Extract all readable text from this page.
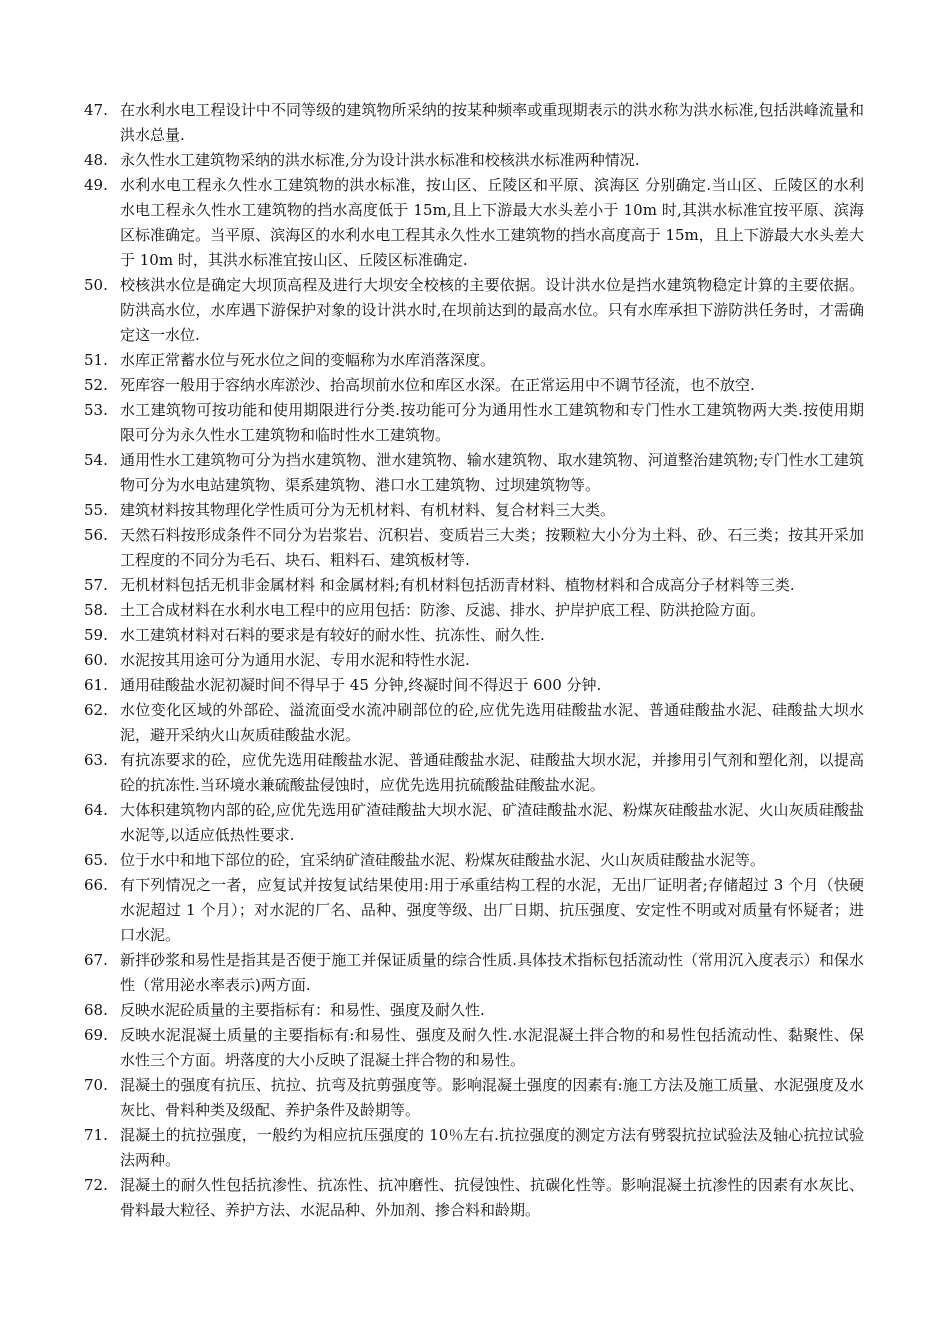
47. 在水利水电工程设计中不同等级的建筑物所采纳的按某种频率或重现期表示的洪水称为洪水标准,包括洪峰流量和洪水总量.
48. 永久性水工建筑物采纳的洪水标准,分为设计洪水标准和校核洪水标准两种情况.
49. 水利水电工程永久性水工建筑物的洪水标准，按山区、丘陵区和平原、滨海区 分别确定.当山区、丘陵区的水利水电工程永久性水工建筑物的挡水高度低于 15m,且上下游最大水头差小于 10m 时,其洪水标准宜按平原、滨海区标准确定。当平原、滨海区的水利水电工程其永久性水工建筑物的挡水高度高于 15m，且上下游最大水头差大于 10m 时，其洪水标准宜按山区、丘陵区标准确定.
50. 校核洪水位是确定大坝顶高程及进行大坝安全校核的主要依据。设计洪水位是挡水建筑物稳定计算的主要依据。防洪高水位，水库遇下游保护对象的设计洪水时,在坝前达到的最高水位。只有水库承担下游防洪任务时，才需确定这一水位.
51. 水库正常蓄水位与死水位之间的变幅称为水库消落深度。
52. 死库容一般用于容纳水库淤沙、抬高坝前水位和库区水深。在正常运用中不调节径流，也不放空.
53. 水工建筑物可按功能和使用期限进行分类.按功能可分为通用性水工建筑物和专门性水工建筑物两大类.按使用期限可分为永久性水工建筑物和临时性水工建筑物。
54. 通用性水工建筑物可分为挡水建筑物、泄水建筑物、输水建筑物、取水建筑物、河道整治建筑物;专门性水工建筑物可分为水电站建筑物、渠系建筑物、港口水工建筑物、过坝建筑物等。
55. 建筑材料按其物理化学性质可分为无机材料、有机材料、复合材料三大类。
56. 天然石料按形成条件不同分为岩浆岩、沉积岩、变质岩三大类；按颗粒大小分为土料、砂、石三类；按其开采加工程度的不同分为毛石、块石、粗料石、建筑板材等.
57. 无机材料包括无机非金属材料 和金属材料;有机材料包括沥青材料、植物材料和合成高分子材料等三类.
58. 土工合成材料在水利水电工程中的应用包括：防渗、反滤、排水、护岸护底工程、防洪抢险方面。
59. 水工建筑材料对石料的要求是有较好的耐水性、抗冻性、耐久性.
60. 水泥按其用途可分为通用水泥、专用水泥和特性水泥.
61. 通用硅酸盐水泥初凝时间不得早于 45 分钟,终凝时间不得迟于 600 分钟.
62. 水位变化区域的外部砼、溢流面受水流冲刷部位的砼,应优先选用硅酸盐水泥、普通硅酸盐水泥、硅酸盐大坝水泥，避开采纳火山灰质硅酸盐水泥。
63. 有抗冻要求的砼，应优先选用硅酸盐水泥、普通硅酸盐水泥、硅酸盐大坝水泥，并掺用引气剂和塑化剂，以提高砼的抗冻性.当环境水兼硫酸盐侵蚀时，应优先选用抗硫酸盐硅酸盐水泥。
64. 大体积建筑物内部的砼,应优先选用矿渣硅酸盐大坝水泥、矿渣硅酸盐水泥、粉煤灰硅酸盐水泥、火山灰质硅酸盐水泥等,以适应低热性要求.
65. 位于水中和地下部位的砼，宜采纳矿渣硅酸盐水泥、粉煤灰硅酸盐水泥、火山灰质硅酸盐水泥等。
66. 有下列情况之一者，应复试并按复试结果使用:用于承重结构工程的水泥，无出厂证明者;存储超过 3 个月（快硬水泥超过 1 个月）；对水泥的厂名、品种、强度等级、出厂日期、抗压强度、安定性不明或对质量有怀疑者；进口水泥。
67. 新拌砂浆和易性是指其是否便于施工并保证质量的综合性质.具体技术指标包括流动性（常用沉入度表示）和保水性（常用泌水率表示)两方面.
68. 反映水泥砼质量的主要指标有：和易性、强度及耐久性.
69. 反映水泥混凝土质量的主要指标有:和易性、强度及耐久性.水泥混凝土拌合物的和易性包括流动性、黏聚性、保水性三个方面。坍落度的大小反映了混凝土拌合物的和易性。
70. 混凝土的强度有抗压、抗拉、抗弯及抗剪强度等。影响混凝土强度的因素有:施工方法及施工质量、水泥强度及水灰比、骨料种类及级配、养护条件及龄期等。
71. 混凝土的抗拉强度，一般约为相应抗压强度的 10％左右.抗拉强度的测定方法有劈裂抗拉试验法及轴心抗拉试验法两种。
72. 混凝土的耐久性包括抗渗性、抗冻性、抗冲磨性、抗侵蚀性、抗碳化性等。影响混凝土抗渗性的因素有水灰比、骨料最大粒径、养护方法、水泥品种、外加剂、掺合料和龄期。
